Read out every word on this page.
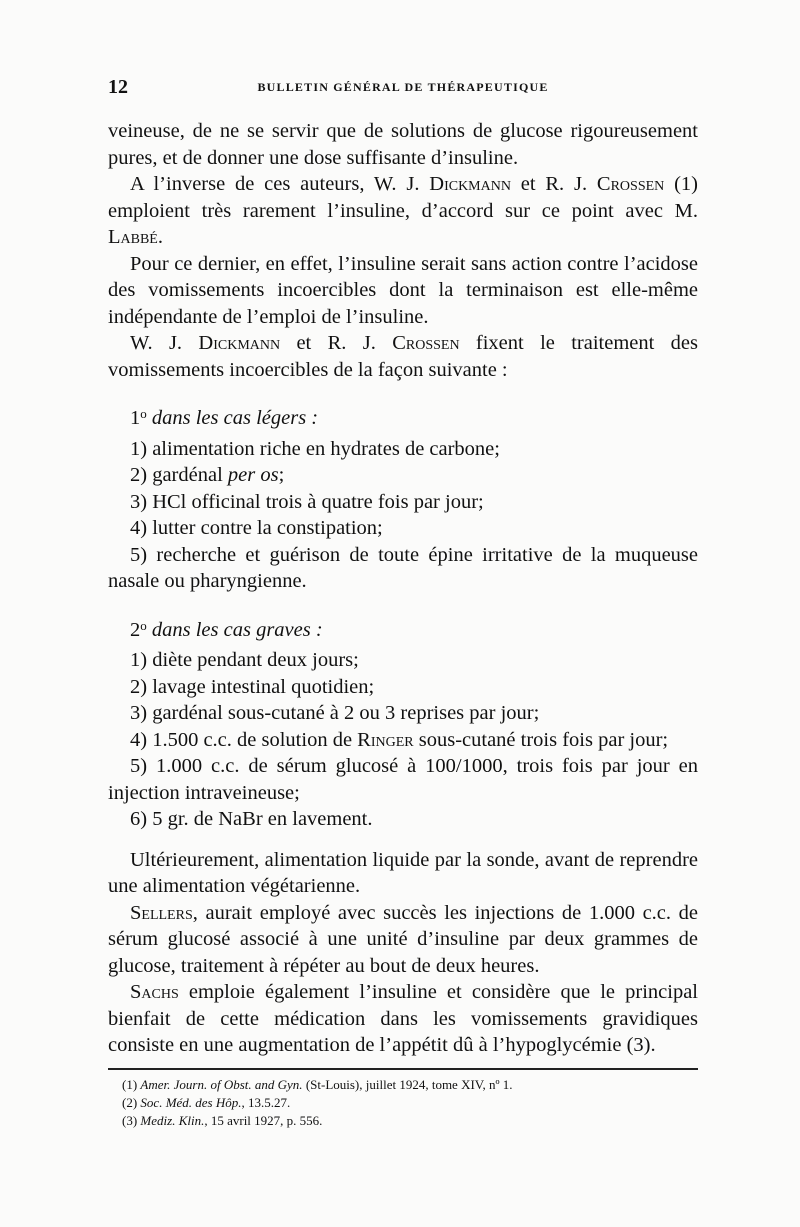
12	BULLETIN GÉNÉRAL DE THÉRAPEUTIQUE

veineuse, de ne se servir que de solutions de glucose rigoureusement pures, et de donner une dose suffisante d’insuline.

A l’inverse de ces auteurs, W. J. Dickmann et R. J. Crossen (1) emploient très rarement l’insuline, d’accord sur ce point avec M. Labbé.

Pour ce dernier, en effet, l’insuline serait sans action contre l’acidose des vomissements incoercibles dont la terminaison est elle-même indépendante de l’emploi de l’insuline.

W. J. Dickmann et R. J. Crossen fixent le traitement des vomissements incoercibles de la façon suivante :

1$^o$ dans les cas légers :

1) alimentation riche en hydrates de carbone;

2) gardénal per os;

3) HCl officinal trois à quatre fois par jour;

4) lutter contre la constipation;

5) recherche et guérison de toute épine irritative de la muqueuse nasale ou pharyngienne.

2$^o$ dans les cas graves :

1) diète pendant deux jours;

2) lavage intestinal quotidien;

3) gardénal sous-cutané à 2 ou 3 reprises par jour;

4) 1.500 c.c. de solution de Ringer sous-cutané trois fois par jour;

5) 1.000 c.c. de sérum glucosé à 100/1000, trois fois par jour en injection intraveineuse;

6) 5 gr. de NaBr en lavement.

Ultérieurement, alimentation liquide par la sonde, avant de reprendre une alimentation végétarienne.

Sellers, aurait employé avec succès les injections de 1.000 c.c. de sérum glucosé associé à une unité d’insuline par deux grammes de glucose, traitement à répéter au bout de deux heures.

Sachs emploie également l’insuline et considère que le principal bienfait de cette médication dans les vomissements gravidiques consiste en une augmentation de l’appétit dû à l’hypoglycémie (3).

(1) Amer. Journ. of Obst. and Gyn. (St-Louis), juillet 1924, tome XIV, nº 1.

(2) Soc. Méd. des Hôp., 13.5.27.

(3) Mediz. Klin., 15 avril 1927, p. 556.
